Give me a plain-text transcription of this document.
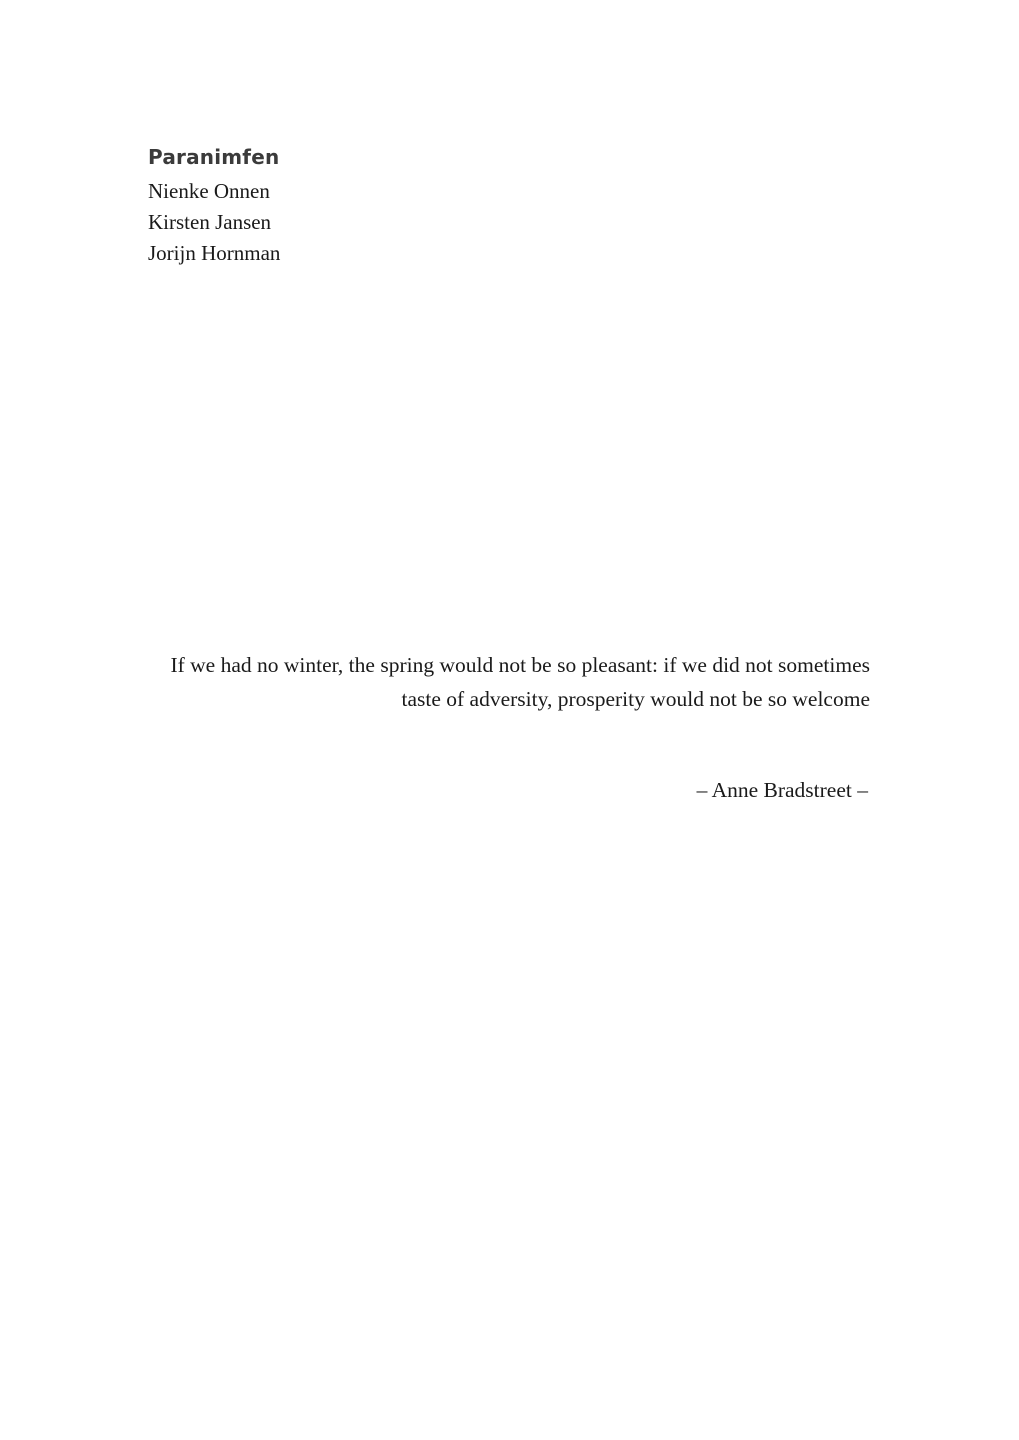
Paranimfen
Nienke Onnen
Kirsten Jansen
Jorijn Hornman

If we had no winter, the spring would not be so pleasant: if we did not sometimes taste of adversity, prosperity would not be so welcome

– Anne Bradstreet –
